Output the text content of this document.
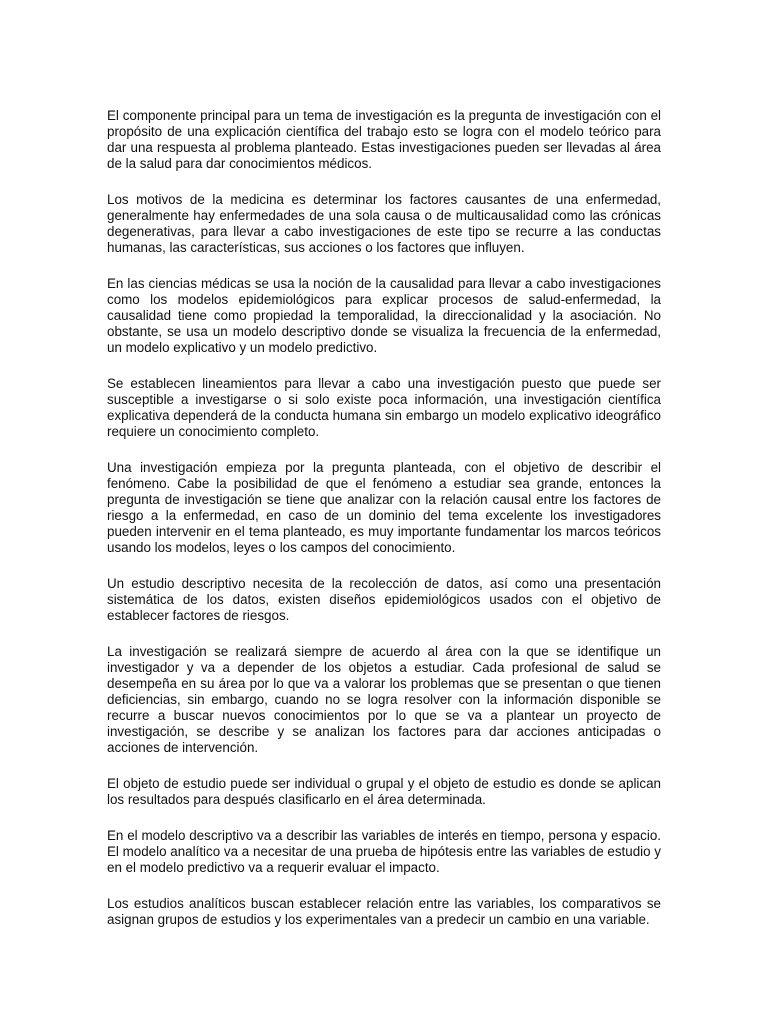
El componente principal para un tema de investigación es la pregunta de investigación con el propósito de una explicación científica del trabajo esto se logra con el modelo teórico para dar una respuesta al problema planteado. Estas investigaciones pueden ser llevadas al área de la salud para dar conocimientos médicos.

Los motivos de la medicina es determinar los factores causantes de una enfermedad, generalmente hay enfermedades de una sola causa o de multicausalidad como las crónicas degenerativas, para llevar a cabo investigaciones de este tipo se recurre a las conductas humanas, las características, sus acciones o los factores que influyen.

En las ciencias médicas se usa la noción de la causalidad para llevar a cabo investigaciones como los modelos epidemiológicos para explicar procesos de salud-enfermedad, la causalidad tiene como propiedad la temporalidad, la direccionalidad y la asociación. No obstante, se usa un modelo descriptivo donde se visualiza la frecuencia de la enfermedad, un modelo explicativo y un modelo predictivo.

Se establecen lineamientos para llevar a cabo una investigación puesto que puede ser susceptible a investigarse o si solo existe poca información, una investigación científica explicativa dependerá de la conducta humana sin embargo un modelo explicativo ideográfico requiere un conocimiento completo.

Una investigación empieza por la pregunta planteada, con el objetivo de describir el fenómeno. Cabe la posibilidad de que el fenómeno a estudiar sea grande, entonces la pregunta de investigación se tiene que analizar con la relación causal entre los factores de riesgo a la enfermedad, en caso de un dominio del tema excelente los investigadores pueden intervenir en el tema planteado, es muy importante fundamentar los marcos teóricos usando los modelos, leyes o los campos del conocimiento.

Un estudio descriptivo necesita de la recolección de datos, así como una presentación sistemática de los datos, existen diseños epidemiológicos usados con el objetivo de establecer factores de riesgos.

La investigación se realizará siempre de acuerdo al área con la que se identifique un investigador y va a depender de los objetos a estudiar. Cada profesional de salud se desempeña en su área por lo que va a valorar los problemas que se presentan o que tienen deficiencias, sin embargo, cuando no se logra resolver con la información disponible se recurre a buscar nuevos conocimientos por lo que se va a plantear un proyecto de investigación, se describe y se analizan los factores para dar acciones anticipadas o acciones de intervención.

El objeto de estudio puede ser individual o grupal y el objeto de estudio es donde se aplican los resultados para después clasificarlo en el área determinada.

En el modelo descriptivo va a describir las variables de interés en tiempo, persona y espacio. El modelo analítico va a necesitar de una prueba de hipótesis entre las variables de estudio y en el modelo predictivo va a requerir evaluar el impacto.

Los estudios analíticos buscan establecer relación entre las variables, los comparativos se asignan grupos de estudios y los experimentales van a predecir un cambio en una variable.
